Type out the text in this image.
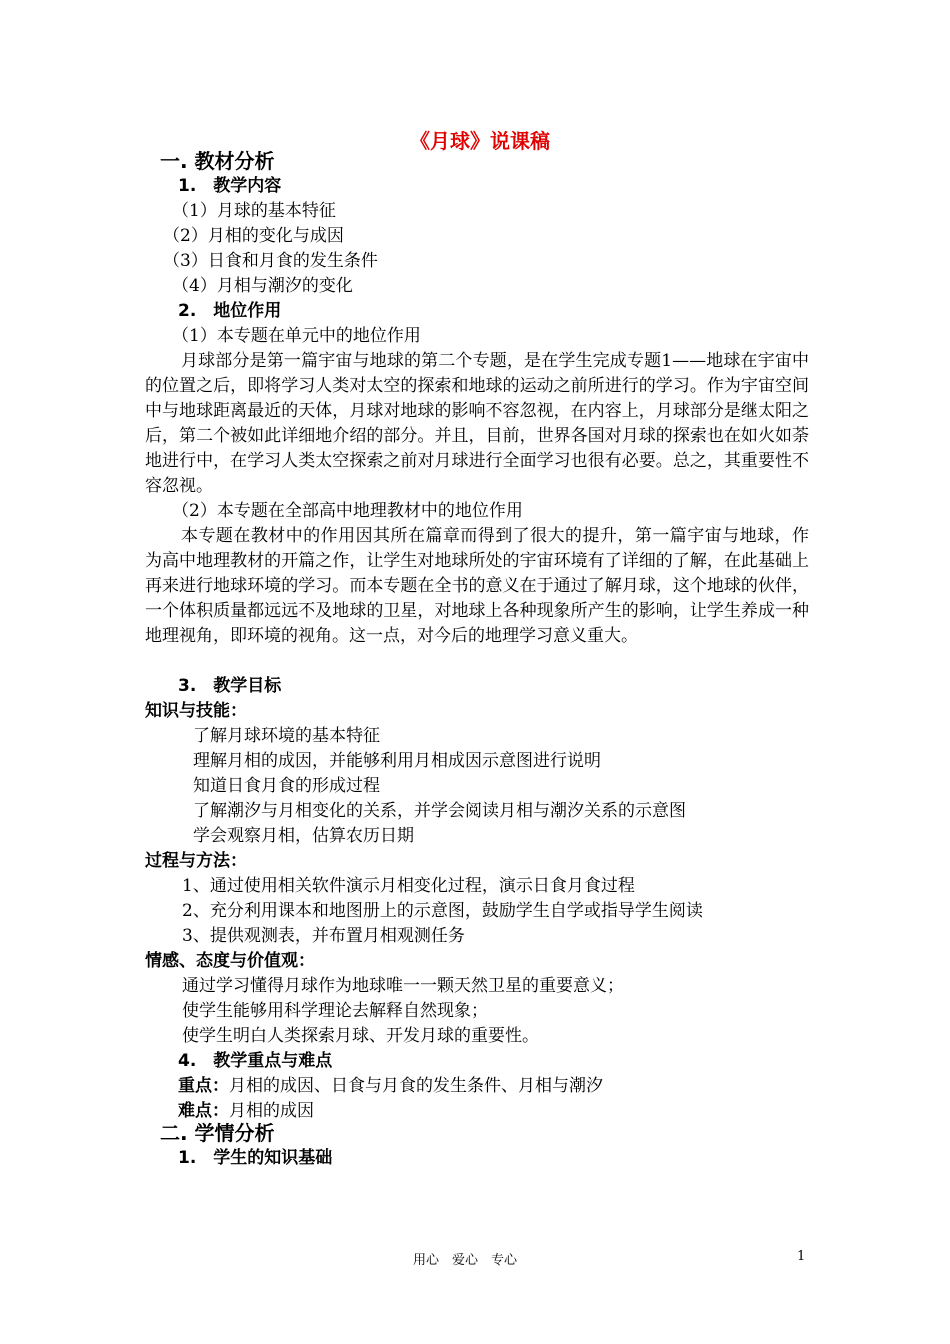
《月球》说课稿
一. 教材分析
1.　教学内容
（1）月球的基本特征
（2）月相的变化与成因
（3）日食和月食的发生条件
（4）月相与潮汐的变化
2.　地位作用
（1）本专题在单元中的地位作用
月球部分是第一篇宇宙与地球的第二个专题，是在学生完成专题1——地球在宇宙中的位置之后，即将学习人类对太空的探索和地球的运动之前所进行的学习。作为宇宙空间中与地球距离最近的天体，月球对地球的影响不容忽视，在内容上，月球部分是继太阳之后，第二个被如此详细地介绍的部分。并且，目前，世界各国对月球的探索也在如火如荼地进行中，在学习人类太空探索之前对月球进行全面学习也很有必要。总之，其重要性不容忽视。
（2）本专题在全部高中地理教材中的地位作用
本专题在教材中的作用因其所在篇章而得到了很大的提升，第一篇宇宙与地球，作为高中地理教材的开篇之作，让学生对地球所处的宇宙环境有了详细的了解，在此基础上再来进行地球环境的学习。而本专题在全书的意义在于通过了解月球，这个地球的伙伴，一个体积质量都远远不及地球的卫星，对地球上各种现象所产生的影响，让学生养成一种地理视角，即环境的视角。这一点，对今后的地理学习意义重大。
3.　教学目标
知识与技能：
了解月球环境的基本特征
理解月相的成因，并能够利用月相成因示意图进行说明
知道日食月食的形成过程
了解潮汐与月相变化的关系，并学会阅读月相与潮汐关系的示意图
学会观察月相，估算农历日期
过程与方法：
1、通过使用相关软件演示月相变化过程，演示日食月食过程
2、充分利用课本和地图册上的示意图，鼓励学生自学或指导学生阅读
3、提供观测表，并布置月相观测任务
情感、态度与价值观：
通过学习懂得月球作为地球唯一一颗天然卫星的重要意义；
使学生能够用科学理论去解释自然现象；
使学生明白人类探索月球、开发月球的重要性。
4.　教学重点与难点
重点：月相的成因、日食与月食的发生条件、月相与潮汐
难点：月相的成因
二. 学情分析
1.　学生的知识基础
用心　爱心　专心	1
